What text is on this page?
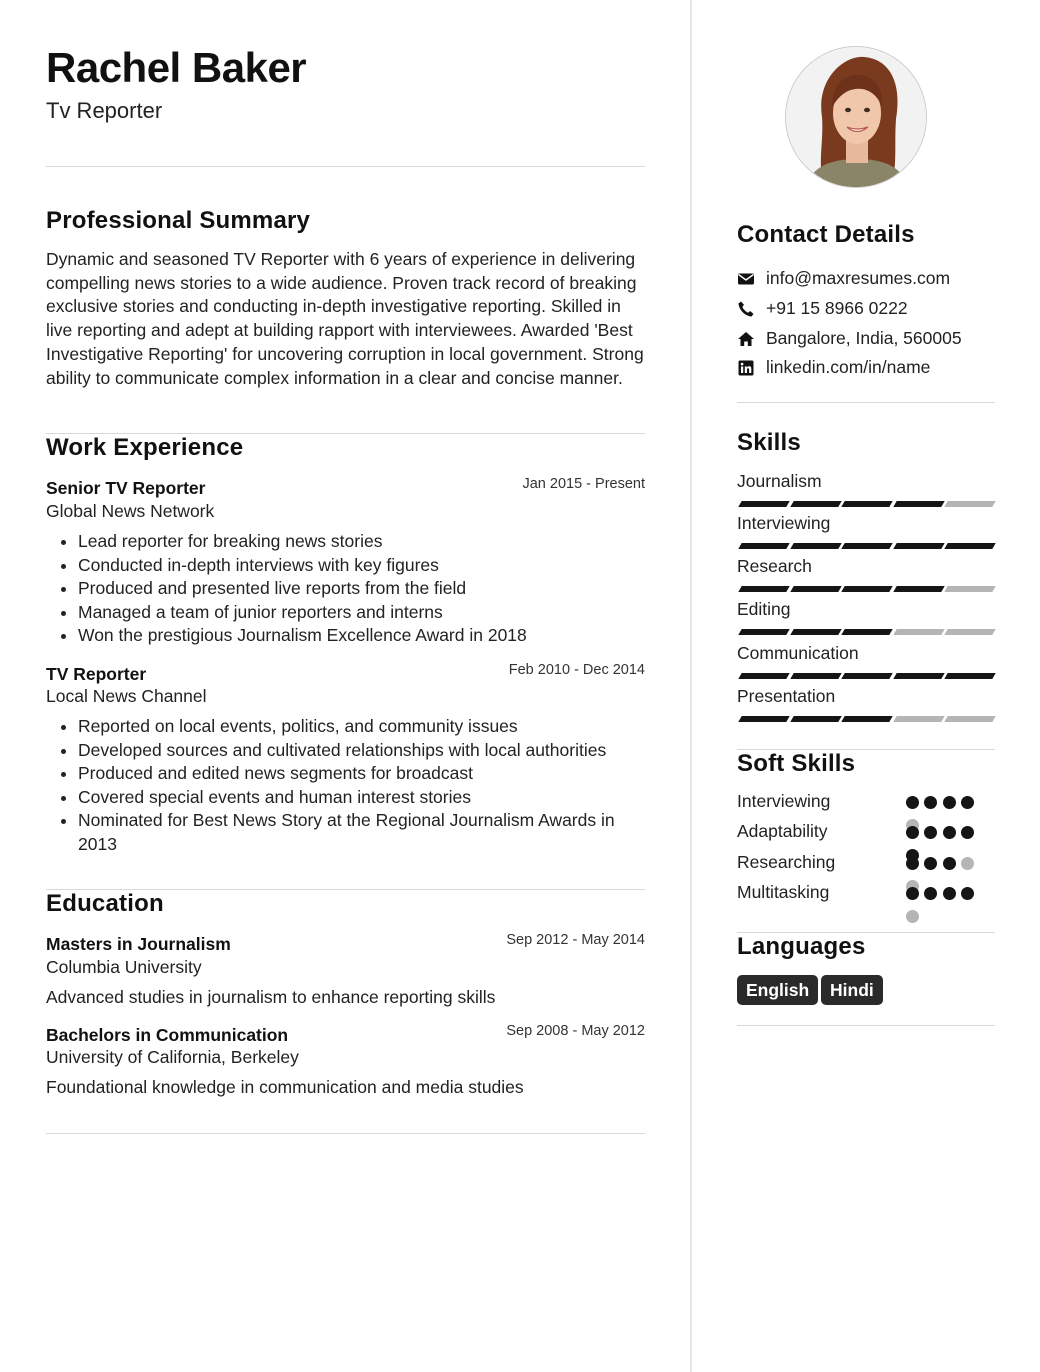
Rachel Baker
Tv Reporter
Professional Summary

Dynamic and seasoned TV Reporter with 6 years of experience in delivering compelling news stories to a wide audience. Proven track record of breaking exclusive stories and conducting in-depth investigative reporting. Skilled in live reporting and adept at building rapport with interviewees. Awarded 'Best Investigative Reporting' for uncovering corruption in local government. Strong ability to communicate complex information in a clear and concise manner.

Work Experience
Senior TV Reporter	Jan 2015 - Present
Global News Network
• Lead reporter for breaking news stories
• Conducted in-depth interviews with key figures
• Produced and presented live reports from the field
• Managed a team of junior reporters and interns
• Won the prestigious Journalism Excellence Award in 2018
TV Reporter	Feb 2010 - Dec 2014
Local News Channel
• Reported on local events, politics, and community issues
• Developed sources and cultivated relationships with local authorities
• Produced and edited news segments for broadcast
• Covered special events and human interest stories
• Nominated for Best News Story at the Regional Journalism Awards in 2013
Education
Masters in Journalism	Sep 2012 - May 2014
Columbia University
Advanced studies in journalism to enhance reporting skills
Bachelors in Communication	Sep 2008 - May 2012
University of California, Berkeley
Foundational knowledge in communication and media studies
Contact Details
info@maxresumes.com
+91 15 8966 0222
Bangalore, India, 560005
linkedin.com/in/name
Skills
Journalism
Interviewing
Research
Editing
Communication
Presentation
Soft Skills
Interviewing
Adaptability
Researching
Multitasking
Languages
English	Hindi
